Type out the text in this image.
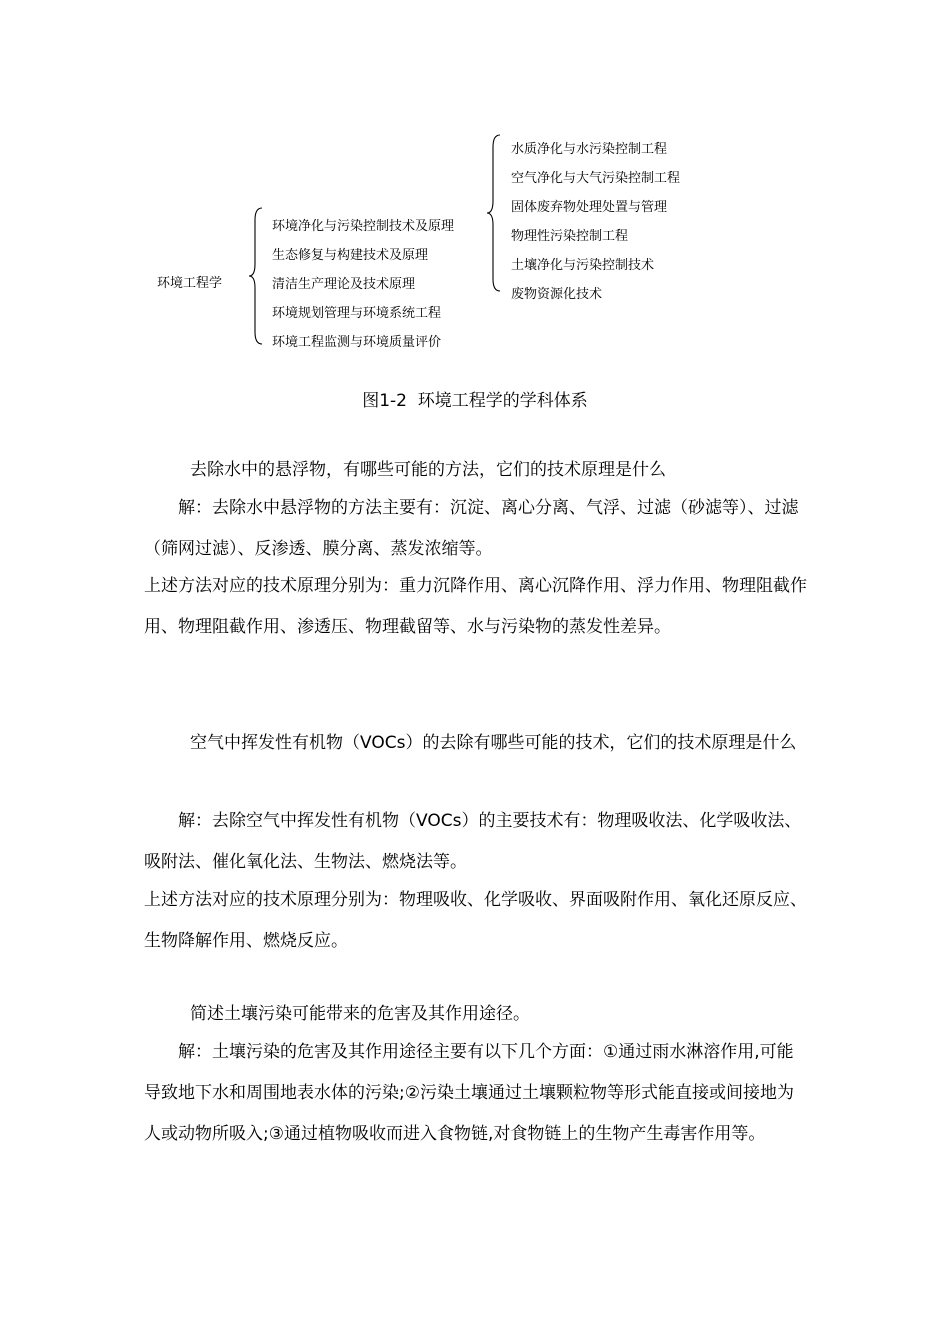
环境工程学
环境净化与污染控制技术及原理
生态修复与构建技术及原理
清洁生产理论及技术原理
环境规划管理与环境系统工程
环境工程监测与环境质量评价
水质净化与水污染控制工程
空气净化与大气污染控制工程
固体废弃物处理处置与管理
物理性污染控制工程
土壤净化与污染控制技术
废物资源化技术
图1-2  环境工程学的学科体系

去除水中的悬浮物，有哪些可能的方法，它们的技术原理是什么

解：去除水中悬浮物的方法主要有：沉淀、离心分离、气浮、过滤（砂滤等）、过滤（筛网过滤）、反渗透、膜分离、蒸发浓缩等。

上述方法对应的技术原理分别为：重力沉降作用、离心沉降作用、浮力作用、物理阻截作用、物理阻截作用、渗透压、物理截留等、水与污染物的蒸发性差异。

空气中挥发性有机物（VOCs）的去除有哪些可能的技术，它们的技术原理是什么

解：去除空气中挥发性有机物（VOCs）的主要技术有：物理吸收法、化学吸收法、吸附法、催化氧化法、生物法、燃烧法等。

上述方法对应的技术原理分别为：物理吸收、化学吸收、界面吸附作用、氧化还原反应、生物降解作用、燃烧反应。

简述土壤污染可能带来的危害及其作用途径。

解：土壤污染的危害及其作用途径主要有以下几个方面：①通过雨水淋溶作用,可能导致地下水和周围地表水体的污染;②污染土壤通过土壤颗粒物等形式能直接或间接地为人或动物所吸入;③通过植物吸收而进入食物链,对食物链上的生物产生毒害作用等。
